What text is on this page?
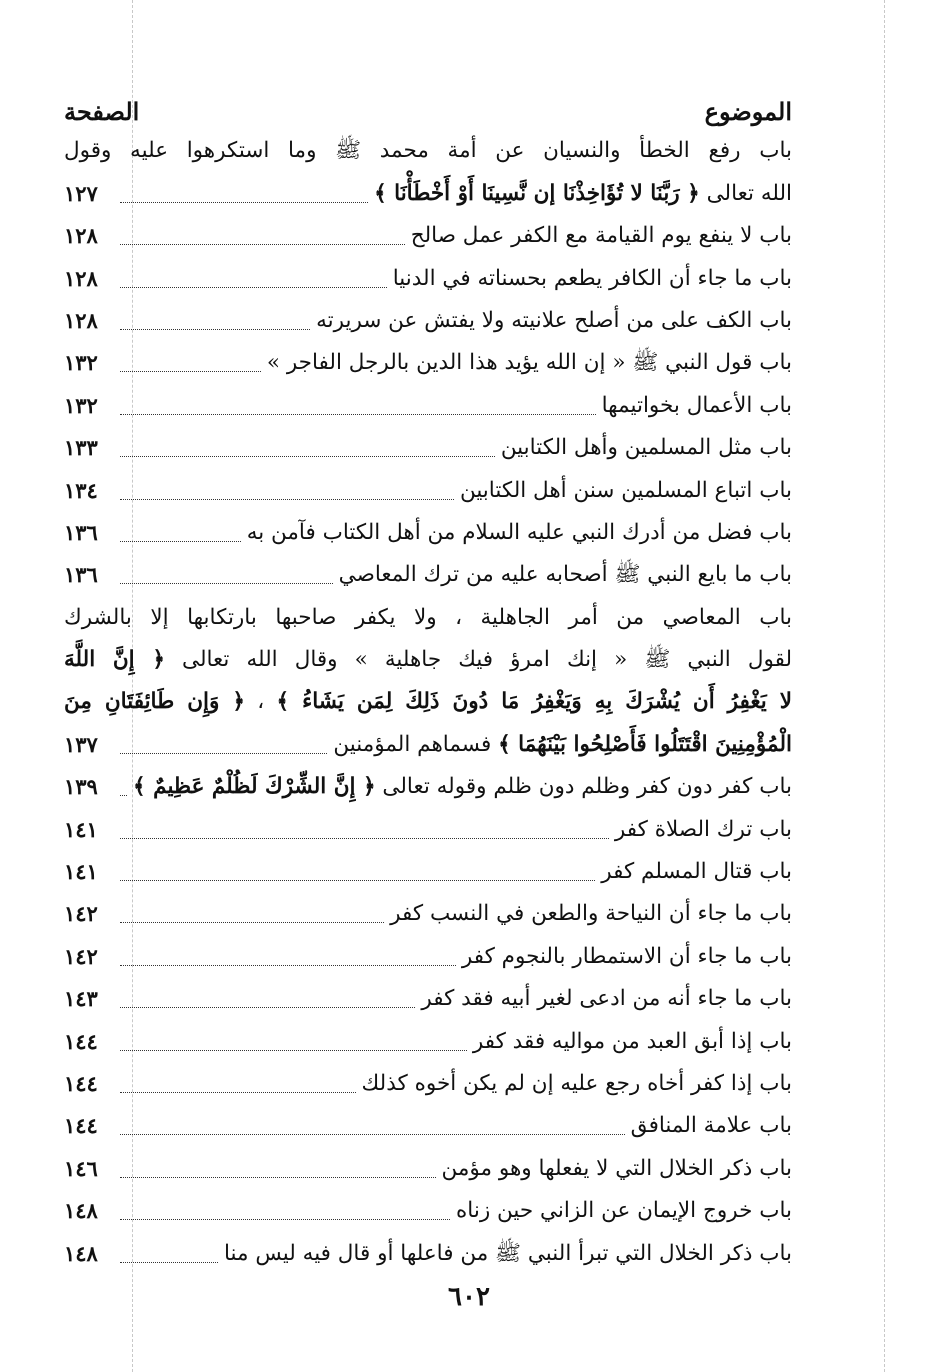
الموضوع
الصفحة
باب رفع الخطأ والنسيان عن أمة محمد ﷺ وما استكرهوا عليه وقول
الله تعالى ﴿ رَبَّنَا لا تُؤَاخِذْنَا إن نَّسِينَا أَوْ أَخْطَأْنَا ﴾
١٢٧
باب لا ينفع يوم القيامة مع الكفر عمل صالح
١٢٨
باب ما جاء أن الكافر يطعم بحسناته في الدنيا
١٢٨
باب الكف على من أصلح علانيته ولا يفتش عن سريرته
١٢٨
باب قول النبي ﷺ « إن الله يؤيد هذا الدين بالرجل الفاجر »
١٣٢
باب الأعمال بخواتيمها
١٣٢
باب مثل المسلمين وأهل الكتابين
١٣٣
باب اتباع المسلمين سنن أهل الكتابين
١٣٤
باب فضل من أدرك النبي عليه السلام من أهل الكتاب فآمن به
١٣٦
باب ما بايع النبي ﷺ أصحابه عليه من ترك المعاصي
١٣٦
باب المعاصي من أمر الجاهلية ، ولا يكفر صاحبها بارتكابها إلا بالشرك
لقول النبي ﷺ « إنك امرؤ فيك جاهلية » وقال الله تعالى ﴿ إِنَّ اللَّهَ
لا يَغْفِرُ أَن يُشْرَكَ بِهِ وَيَغْفِرُ مَا دُونَ ذَلِكَ لِمَن يَشَاءُ ﴾ ، ﴿ وَإِن طَائِفَتَانِ مِنَ
الْمُؤْمِنِينَ اقْتَتَلُوا فَأَصْلِحُوا بَيْنَهُمَا ﴾ فسماهم المؤمنين
١٣٧
باب كفر دون كفر وظلم دون ظلم وقوله تعالى ﴿ إِنَّ الشِّرْكَ لَظُلْمٌ عَظِيمٌ ﴾
١٣٩
باب ترك الصلاة كفر
١٤١
باب قتال المسلم كفر
١٤١
باب ما جاء أن النياحة والطعن في النسب كفر
١٤٢
باب ما جاء أن الاستمطار بالنجوم كفر
١٤٢
باب ما جاء أنه من ادعى لغير أبيه فقد كفر
١٤٣
باب إذا أبق العبد من مواليه فقد كفر
١٤٤
باب إذا كفر أخاه رجع عليه إن لم يكن أخوه كذلك
١٤٤
باب علامة المنافق
١٤٤
باب ذكر الخلال التي لا يفعلها وهو مؤمن
١٤٦
باب خروج الإيمان عن الزاني حين زناه
١٤٨
باب ذكر الخلال التي تبرأ النبي ﷺ من فاعلها أو قال فيه ليس منا
١٤٨
٦٠٢
